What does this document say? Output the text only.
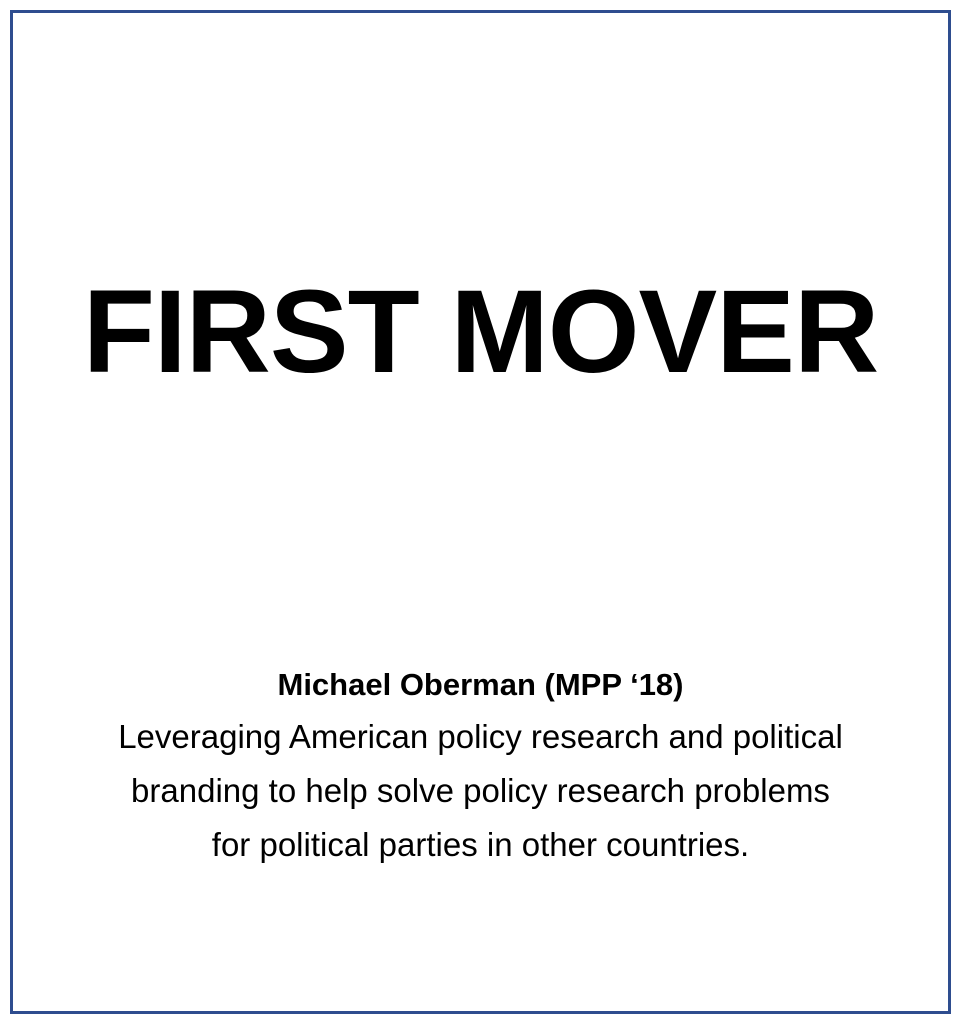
FIRST MOVER
Michael Oberman (MPP ‘18)
Leveraging American policy research and political branding to help solve policy research problems for political parties in other countries.
